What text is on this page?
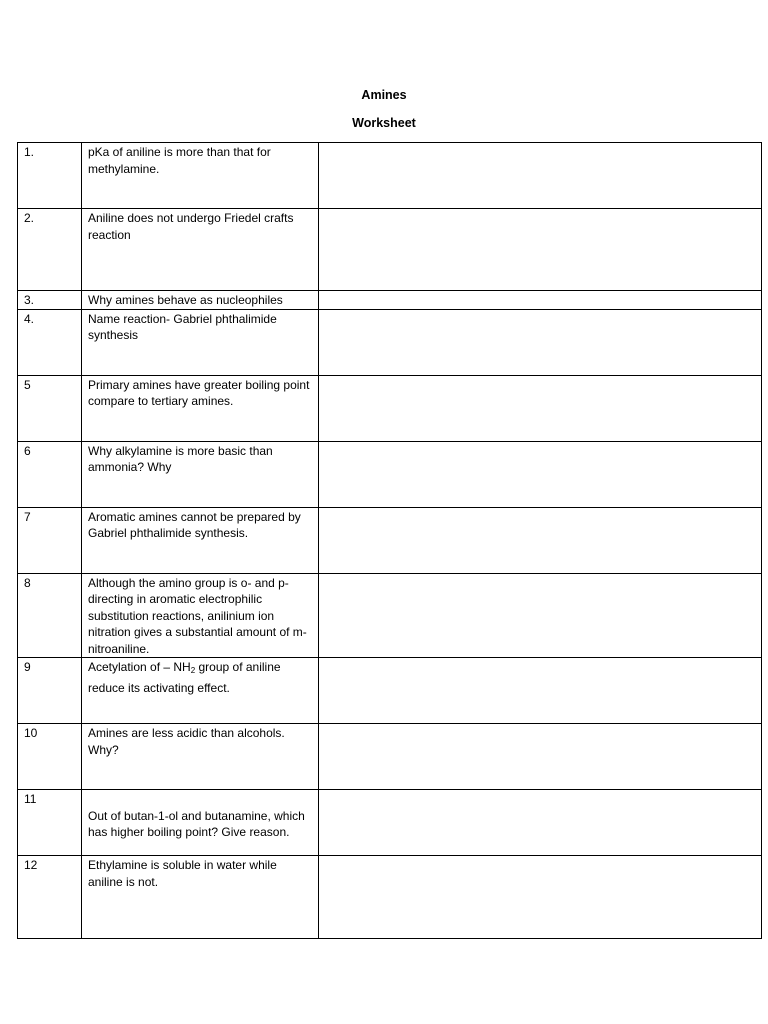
Amines
Worksheet
1.	pKa of aniline is more than that for methylamine.	
2.	Aniline does not undergo Friedel crafts reaction	
3.	Why amines behave as nucleophiles	
4.	Name reaction- Gabriel phthalimide synthesis	
5	Primary amines have greater boiling point compare to tertiary amines.	
6	Why alkylamine is more basic than ammonia? Why	
7	Aromatic amines cannot be prepared by Gabriel phthalimide synthesis.	
8	Although the amino group is o- and p-directing in aromatic electrophilic substitution reactions, anilinium ion nitration gives a substantial amount of m- nitroaniline.	
9	Acetylation of – $NH_2$ group of aniline reduce its activating effect.	
10	Amines are less acidic than alcohols. Why?	
11	Out of butan-1-ol and butanamine, which has higher boiling point? Give reason.	
12	Ethylamine is soluble in water while aniline is not.	
